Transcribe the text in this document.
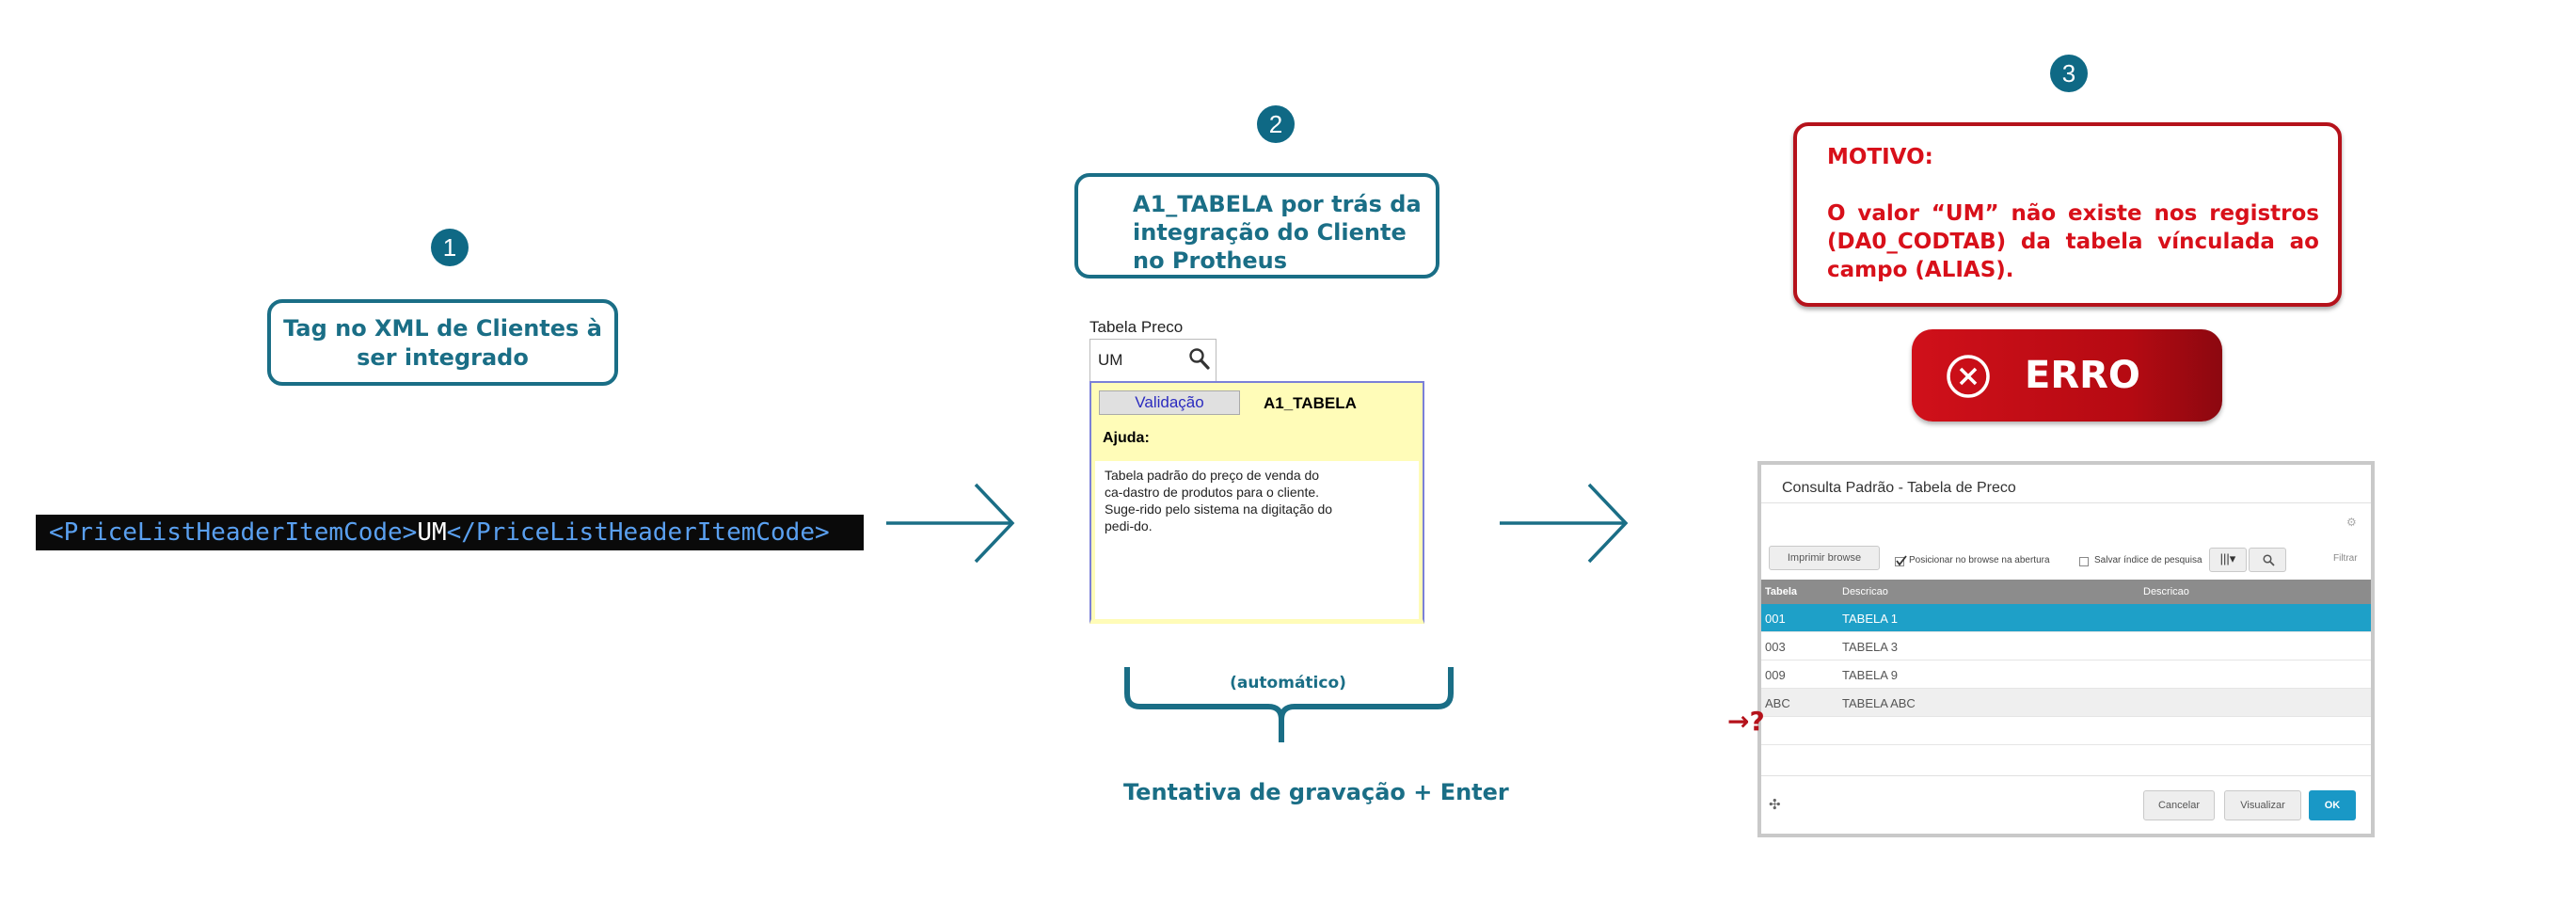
1
Tag no XML de Clientes à
ser integrado
<PriceListHeaderItemCode>UM</PriceListHeaderItemCode>
2
A1_TABELA por trás da
integração do Cliente
no Protheus
Tabela Preco
UM
Validação	A1_TABELA
Ajuda:
Tabela padrão do preço de venda do
ca-dastro de produtos para o cliente.
Suge-rido pelo sistema na digitação do
pedi-do.
(automático)
Tentativa de gravação + Enter
3
MOTIVO:
O valor “UM” não existe nos registros
(DA0_CODTAB) da tabela vínculada ao
campo (ALIAS).
ERRO
Consulta Padrão - Tabela de Preco
⚙
Imprimir browse	Posicionar no browse na abertura	Salvar índice de pesquisa	|||▾	Filtrar
Tabela	Descricao	Descricao
001	TABELA 1
003	TABELA 3
009	TABELA 9
ABC	TABELA ABC
✣	Cancelar	Visualizar	OK
→?
